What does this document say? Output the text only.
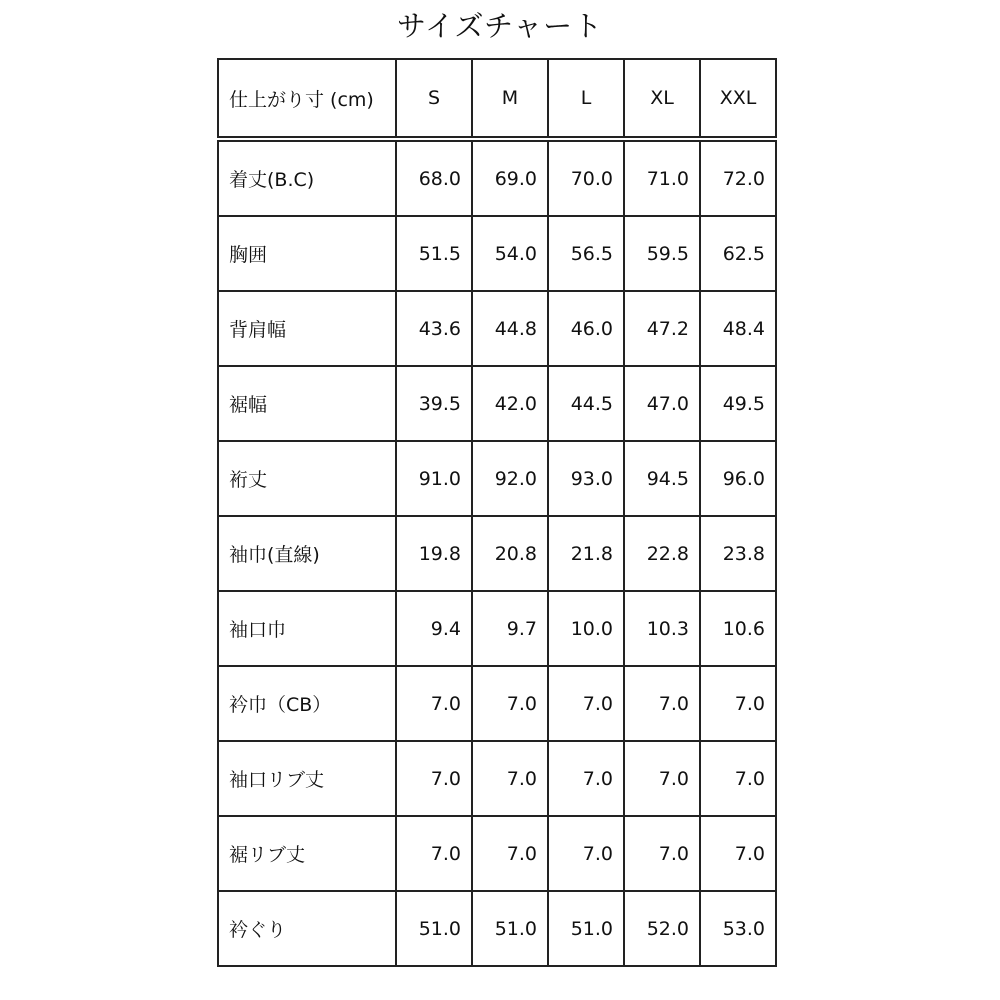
サイズチャート
仕上がり寸 (cm)	S	M	L	XL	XXL
着丈(B.C)	68.0	69.0	70.0	71.0	72.0
胸囲	51.5	54.0	56.5	59.5	62.5
背肩幅	43.6	44.8	46.0	47.2	48.4
裾幅	39.5	42.0	44.5	47.0	49.5
裄丈	91.0	92.0	93.0	94.5	96.0
袖巾(直線)	19.8	20.8	21.8	22.8	23.8
袖口巾	9.4	9.7	10.0	10.3	10.6
衿巾（CB）	7.0	7.0	7.0	7.0	7.0
袖口リブ丈	7.0	7.0	7.0	7.0	7.0
裾リブ丈	7.0	7.0	7.0	7.0	7.0
衿ぐり	51.0	51.0	51.0	52.0	53.0
